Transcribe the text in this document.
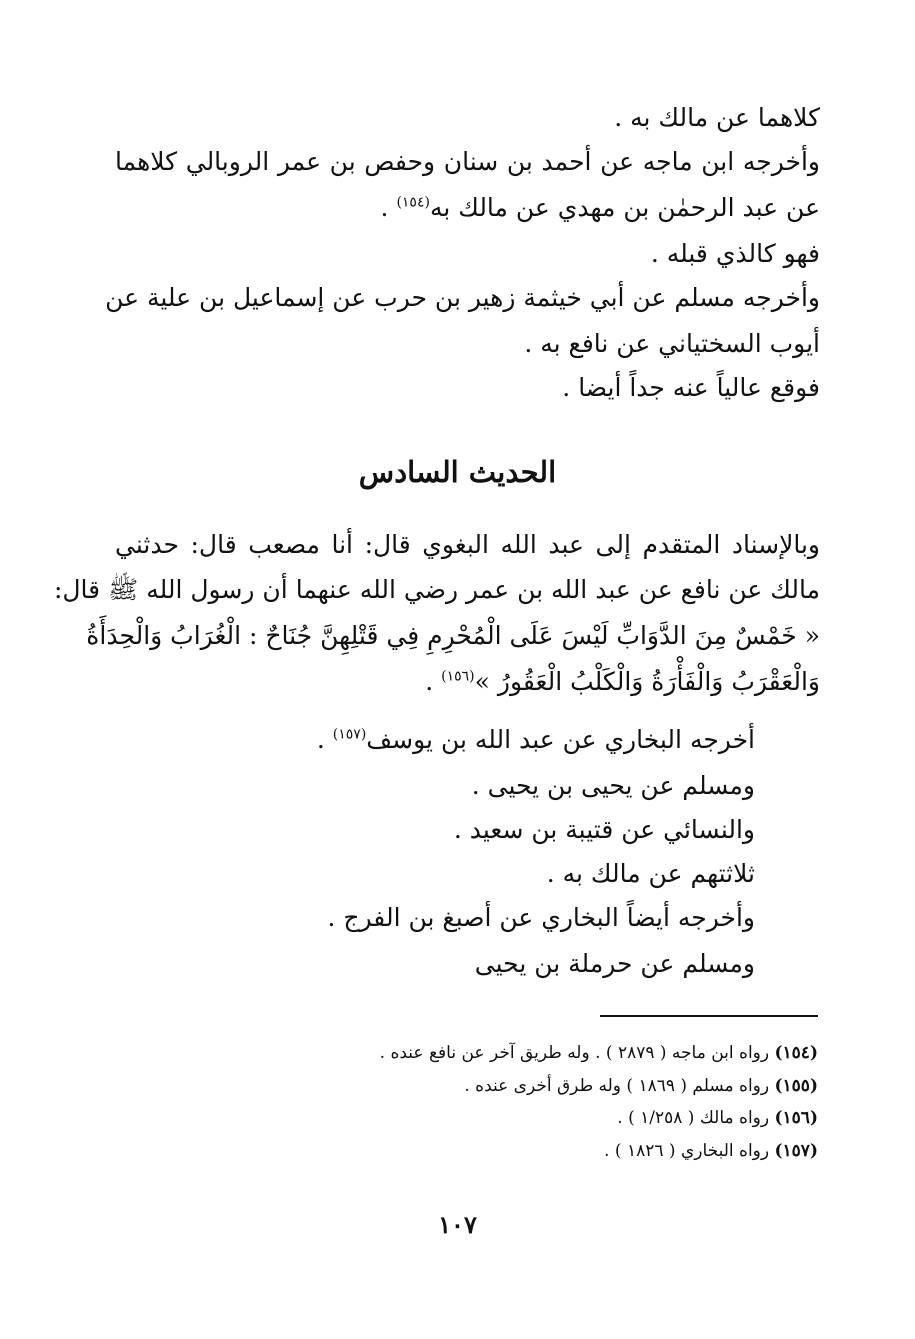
كلاهما عن مالك به .
وأخرجه ابن ماجه عن أحمد بن سنان وحفص بن عمر الروبالي كلاهما
عن عبد الرحمٰن بن مهدي عن مالك به$^{(١٥٤)}$ .
فهو كالذي قبله .
وأخرجه مسلم عن أبي خيثمة زهير بن حرب عن إسماعيل بن علية عن
أيوب السختياني عن نافع به .
فوقع عالياً عنه جداً أيضا .
الحديث السادس
وبالإسناد المتقدم إلى عبد الله البغوي قال: أنا مصعب قال: حدثني
مالك عن نافع عن عبد الله بن عمر رضي الله عنهما أن رسول الله ﷺ قال:
« خَمْسٌ مِنَ الدَّوَابِّ لَيْسَ عَلَى الْمُحْرِمِ فِي قَتْلِهِنَّ جُنَاحٌ : الْغُرَابُ وَالْحِدَأَةُ
وَالْعَقْرَبُ وَالْفَأْرَةُ وَالْكَلْبُ الْعَقُورُ »$^{(١٥٦)}$ .
أخرجه البخاري عن عبد الله بن يوسف$^{(١٥٧)}$ .
ومسلم عن يحيى بن يحيى .
والنسائي عن قتيبة بن سعيد .
ثلاثتهم عن مالك به .
وأخرجه أيضاً البخاري عن أصبغ بن الفرج .
ومسلم عن حرملة بن يحيى
(١٥٤) رواه ابن ماجه ( ٢٨٧٩ ) . وله طريق آخر عن نافع عنده .
(١٥٥) رواه مسلم ( ١٨٦٩ ) وله طرق أخرى عنده .
(١٥٦) رواه مالك ( ١/٢٥٨ ) .
(١٥٧) رواه البخاري ( ١٨٢٦ ) .
١٠٧
